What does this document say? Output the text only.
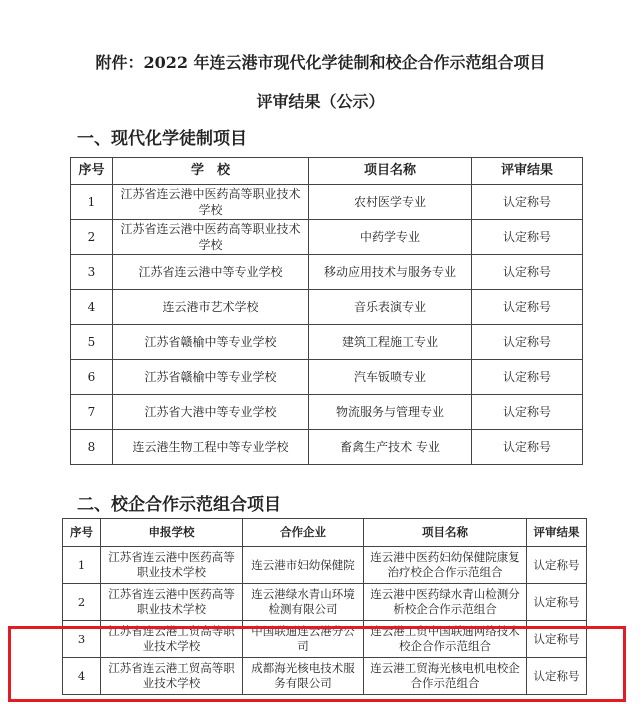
附件：2022 年连云港市现代化学徒制和校企合作示范组合项目
评审结果（公示）
一、现代化学徒制项目
序号	学　校	项目名称	评审结果
1	江苏省连云港中医药高等职业技术学校	农村医学专业	认定称号
2	江苏省连云港中医药高等职业技术学校	中药学专业	认定称号
3	江苏省连云港中等专业学校	移动应用技术与服务专业	认定称号
4	连云港市艺术学校	音乐表演专业	认定称号
5	江苏省赣榆中等专业学校	建筑工程施工专业	认定称号
6	江苏省赣榆中等专业学校	汽车钣喷专业	认定称号
7	江苏省大港中等专业学校	物流服务与管理专业	认定称号
8	连云港生物工程中等专业学校	畜禽生产技术 专业	认定称号
二、校企合作示范组合项目
序号	申报学校	合作企业	项目名称	评审结果
1	江苏省连云港中医药高等职业技术学校	连云港市妇幼保健院	连云港中医药妇幼保健院康复治疗校企合作示范组合	认定称号
2	江苏省连云港中医药高等职业技术学校	连云港绿水青山环境检测有限公司	连云港中医药绿水青山检测分析校企合作示范组合	认定称号
3	江苏省连云港工贸高等职业技术学校	中国联通连云港分公司	连云港工贸中国联通网络技术校企合作示范组合	认定称号
4	江苏省连云港工贸高等职业技术学校	成都海光核电技术服务有限公司	连云港工贸海光核电机电校企合作示范组合	认定称号
